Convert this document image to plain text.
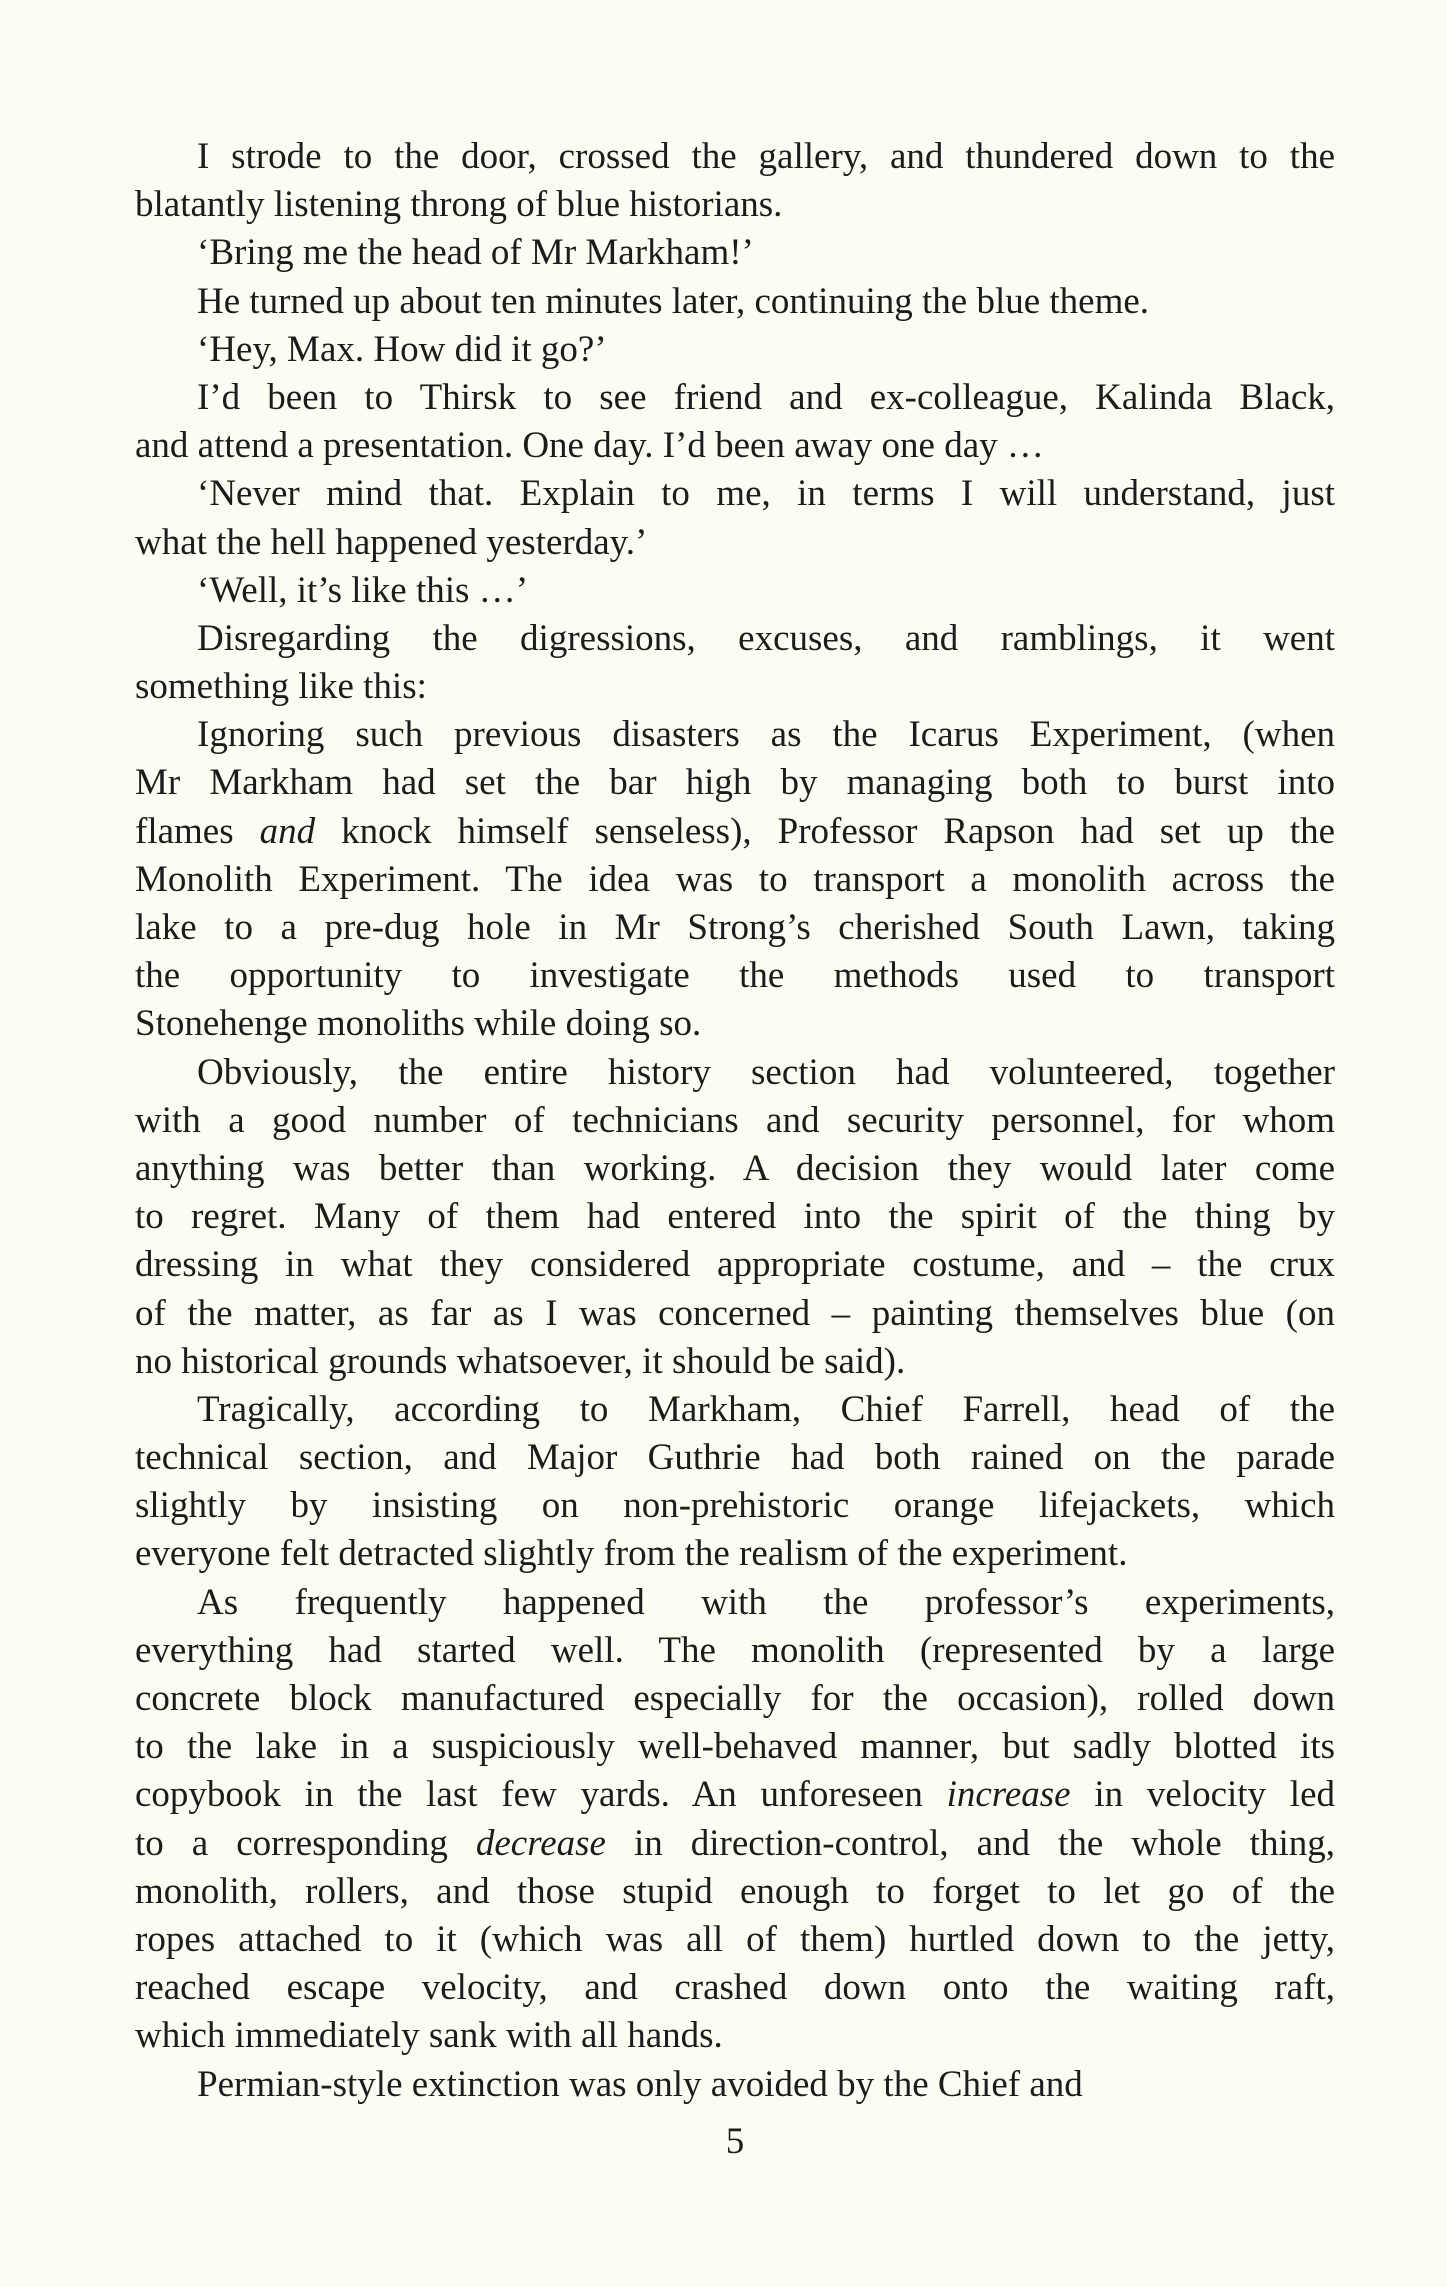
I strode to the door, crossed the gallery, and thundered down to the
blatantly listening throng of blue historians.
‘Bring me the head of Mr Markham!’
He turned up about ten minutes later, continuing the blue theme.
‘Hey, Max. How did it go?’
I’d been to Thirsk to see friend and ex-colleague, Kalinda Black,
and attend a presentation. One day. I’d been away one day …
‘Never mind that. Explain to me, in terms I will understand, just
what the hell happened yesterday.’
‘Well, it’s like this …’
Disregarding the digressions, excuses, and ramblings, it went
something like this:
Ignoring such previous disasters as the Icarus Experiment, (when
Mr Markham had set the bar high by managing both to burst into
flames and knock himself senseless), Professor Rapson had set up the
Monolith Experiment. The idea was to transport a monolith across the
lake to a pre-dug hole in Mr Strong’s cherished South Lawn, taking
the opportunity to investigate the methods used to transport
Stonehenge monoliths while doing so.
Obviously, the entire history section had volunteered, together
with a good number of technicians and security personnel, for whom
anything was better than working. A decision they would later come
to regret. Many of them had entered into the spirit of the thing by
dressing in what they considered appropriate costume, and – the crux
of the matter, as far as I was concerned – painting themselves blue (on
no historical grounds whatsoever, it should be said).
Tragically, according to Markham, Chief Farrell, head of the
technical section, and Major Guthrie had both rained on the parade
slightly by insisting on non-prehistoric orange lifejackets, which
everyone felt detracted slightly from the realism of the experiment.
As frequently happened with the professor’s experiments,
everything had started well. The monolith (represented by a large
concrete block manufactured especially for the occasion), rolled down
to the lake in a suspiciously well-behaved manner, but sadly blotted its
copybook in the last few yards. An unforeseen increase in velocity led
to a corresponding decrease in direction-control, and the whole thing,
monolith, rollers, and those stupid enough to forget to let go of the
ropes attached to it (which was all of them) hurtled down to the jetty,
reached escape velocity, and crashed down onto the waiting raft,
which immediately sank with all hands.
Permian-style extinction was only avoided by the Chief and
5
